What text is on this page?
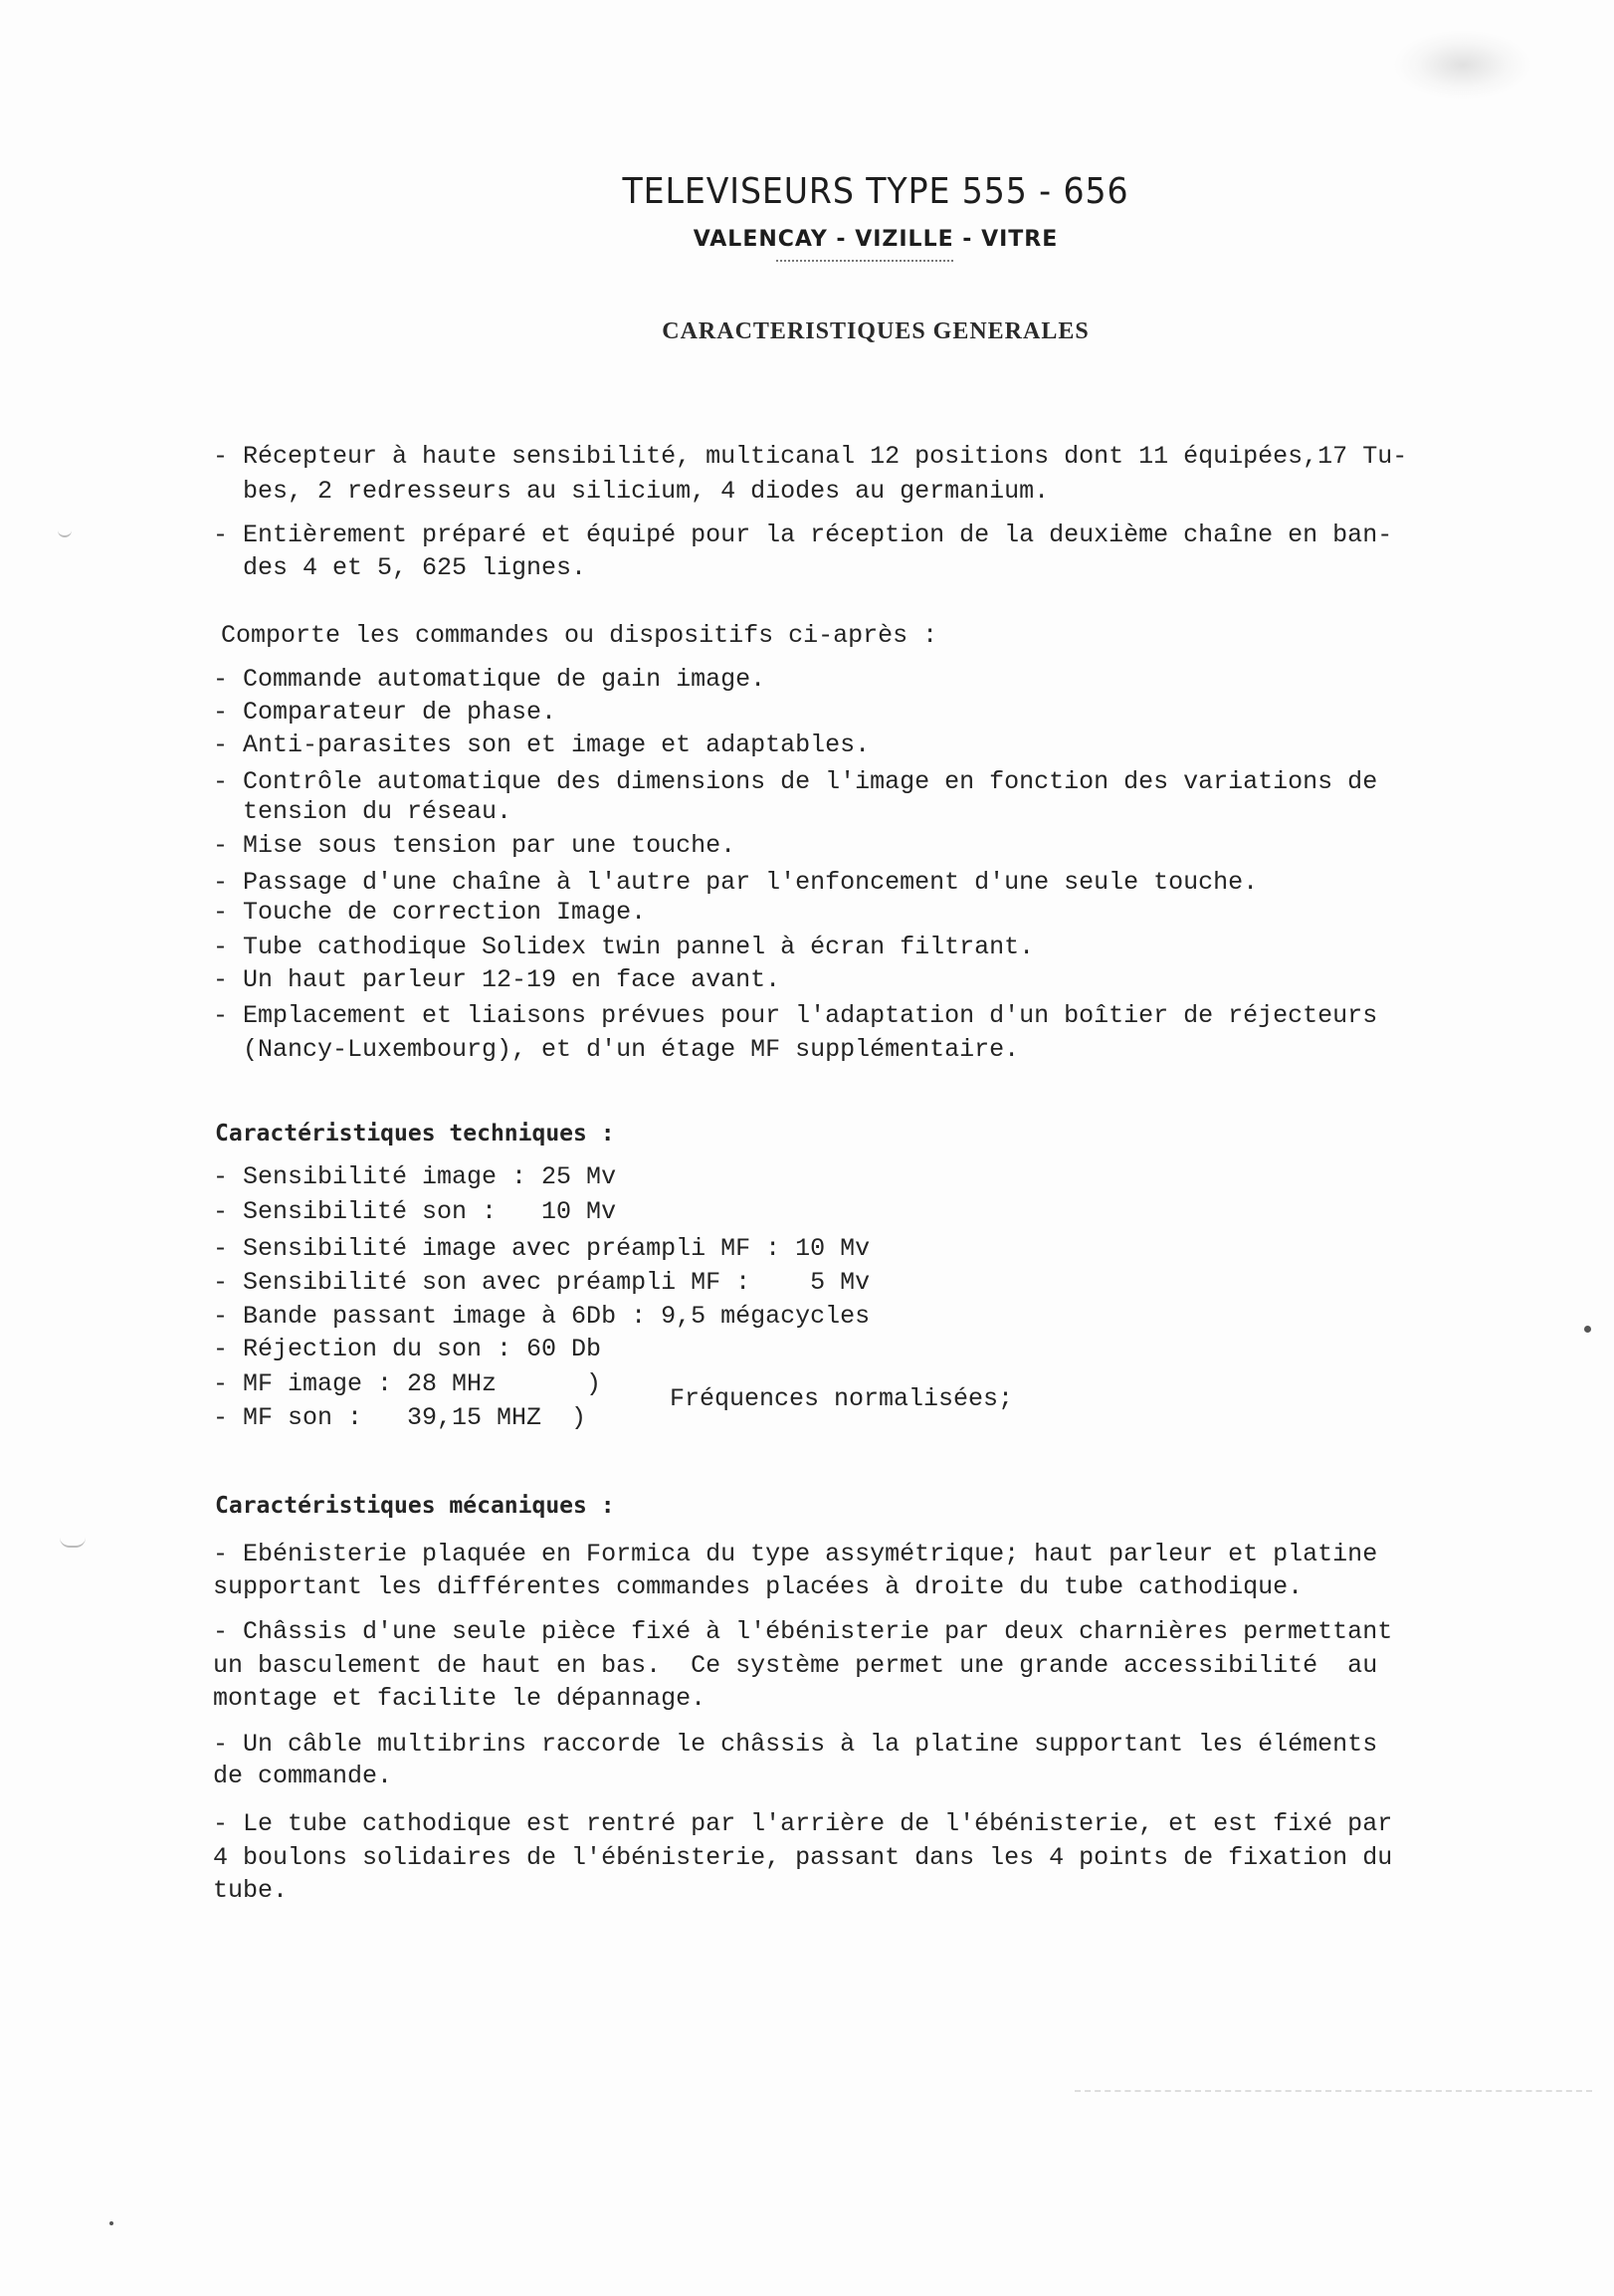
TELEVISEURS TYPE 555 - 656
VALENCAY - VIZILLE - VITRE
CARACTERISTIQUES GENERALES
- Récepteur à haute sensibilité, multicanal 12 positions dont 11 équipées,17 Tu-
bes, 2 redresseurs au silicium, 4 diodes au germanium.
- Entièrement préparé et équipé pour la réception de la deuxième chaîne en ban-
des 4 et 5, 625 lignes.
Comporte les commandes ou dispositifs ci-après :
- Commande automatique de gain image.
- Comparateur de phase.
- Anti-parasites son et image et adaptables.
- Contrôle automatique des dimensions de l'image en fonction des variations de
tension du réseau.
- Mise sous tension par une touche.
- Passage d'une chaîne à l'autre par l'enfoncement d'une seule touche.
- Touche de correction Image.
- Tube cathodique Solidex twin pannel à écran filtrant.
- Un haut parleur 12-19 en face avant.
- Emplacement et liaisons prévues pour l'adaptation d'un boîtier de réjecteurs
(Nancy-Luxembourg), et d'un étage MF supplémentaire.
Caractéristiques techniques :
- Sensibilité image : 25 Mv
- Sensibilité son :   10 Mv
- Sensibilité image avec préampli MF : 10 Mv
- Sensibilité son avec préampli MF :    5 Mv
- Bande passant image à 6Db : 9,5 mégacycles
- Réjection du son : 60 Db
- MF image : 28 MHz      )
- MF son :   39,15 MHZ  )
Fréquences normalisées;
Caractéristiques mécaniques :
- Ebénisterie plaquée en Formica du type assymétrique; haut parleur et platine
supportant les différentes commandes placées à droite du tube cathodique.
- Châssis d'une seule pièce fixé à l'ébénisterie par deux charnières permettant
un basculement de haut en bas.  Ce système permet une grande accessibilité  au
montage et facilite le dépannage.
- Un câble multibrins raccorde le châssis à la platine supportant les éléments
de commande.
- Le tube cathodique est rentré par l'arrière de l'ébénisterie, et est fixé par
4 boulons solidaires de l'ébénisterie, passant dans les 4 points de fixation du
tube.
